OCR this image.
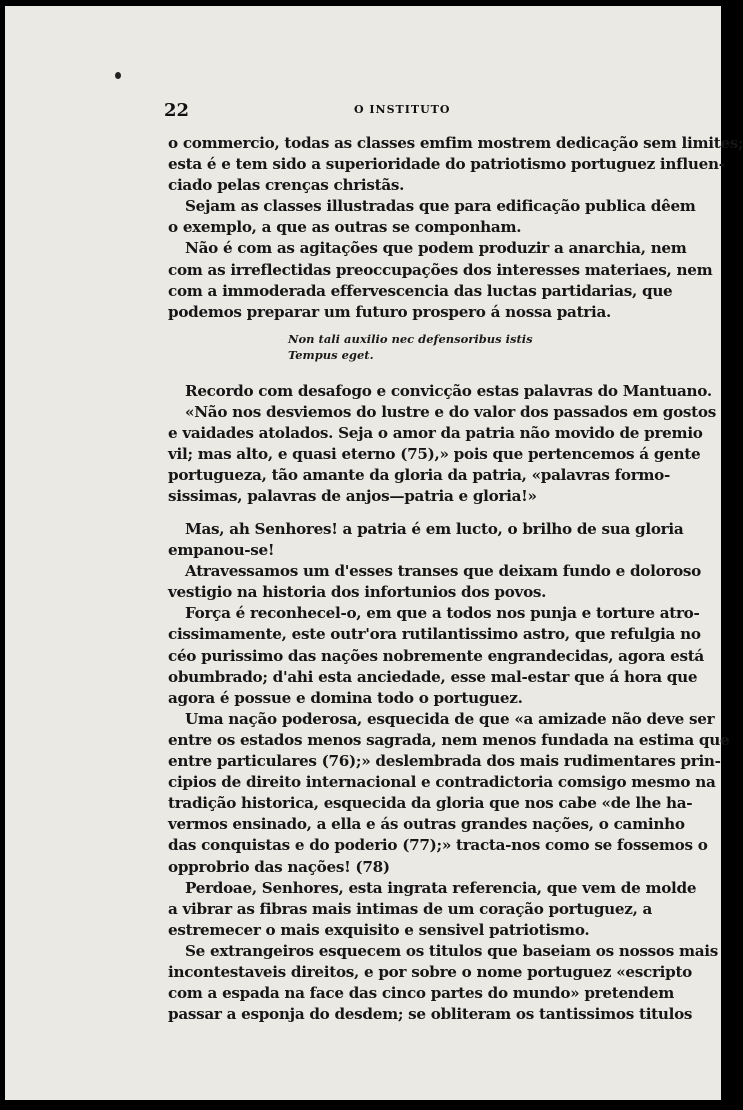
22	O INSTITUTO
o commercio, todas as classes emfim mostrem dedicação sem limites;
esta é e tem sido a superioridade do patriotismo portuguez influen-
ciado pelas crenças christãs.
Sejam as classes illustradas que para edificação publica dêem
o exemplo, a que as outras se componham.
Não é com as agitações que podem produzir a anarchia, nem
com as irreflectidas preoccupações dos interesses materiaes, nem
com a immoderada effervescencia das luctas partidarias, que
podemos preparar um futuro prospero á nossa patria.
Non tali auxilio nec defensoribus istis
Tempus eget.
Recordo com desafogo e convicção estas palavras do Mantuano.
«Não nos desviemos do lustre e do valor dos passados em gostos
e vaidades atolados. Seja o amor da patria não movido de premio
vil; mas alto, e quasi eterno (75),» pois que pertencemos á gente
portugueza, tão amante da gloria da patria, «palavras formo-
sissimas, palavras de anjos—patria e gloria!»
Mas, ah Senhores! a patria é em lucto, o brilho de sua gloria
empanou-se!
Atravessamos um d'esses transes que deixam fundo e doloroso
vestigio na historia dos infortunios dos povos.
Força é reconhecel-o, em que a todos nos punja e torture atro-
cissimamente, este outr'ora rutilantissimo astro, que refulgia no
céo purissimo das nações nobremente engrandecidas, agora está
obumbrado; d'ahi esta anciedade, esse mal-estar que á hora que
agora é possue e domina todo o portuguez.
Uma nação poderosa, esquecida de que «a amizade não deve ser
entre os estados menos sagrada, nem menos fundada na estima que
entre particulares (76);» deslembrada dos mais rudimentares prin-
cipios de direito internacional e contradictoria comsigo mesmo na
tradição historica, esquecida da gloria que nos cabe «de lhe ha-
vermos ensinado, a ella e ás outras grandes nações, o caminho
das conquistas e do poderio (77);» tracta-nos como se fossemos o
opprobrio das nações! (78)
Perdoae, Senhores, esta ingrata referencia, que vem de molde
a vibrar as fibras mais intimas de um coração portuguez, a
estremecer o mais exquisito e sensivel patriotismo.
Se extrangeiros esquecem os titulos que baseiam os nossos mais
incontestaveis direitos, e por sobre o nome portuguez «escripto
com a espada na face das cinco partes do mundo» pretendem
passar a esponja do desdem; se obliteram os tantissimos titulos
